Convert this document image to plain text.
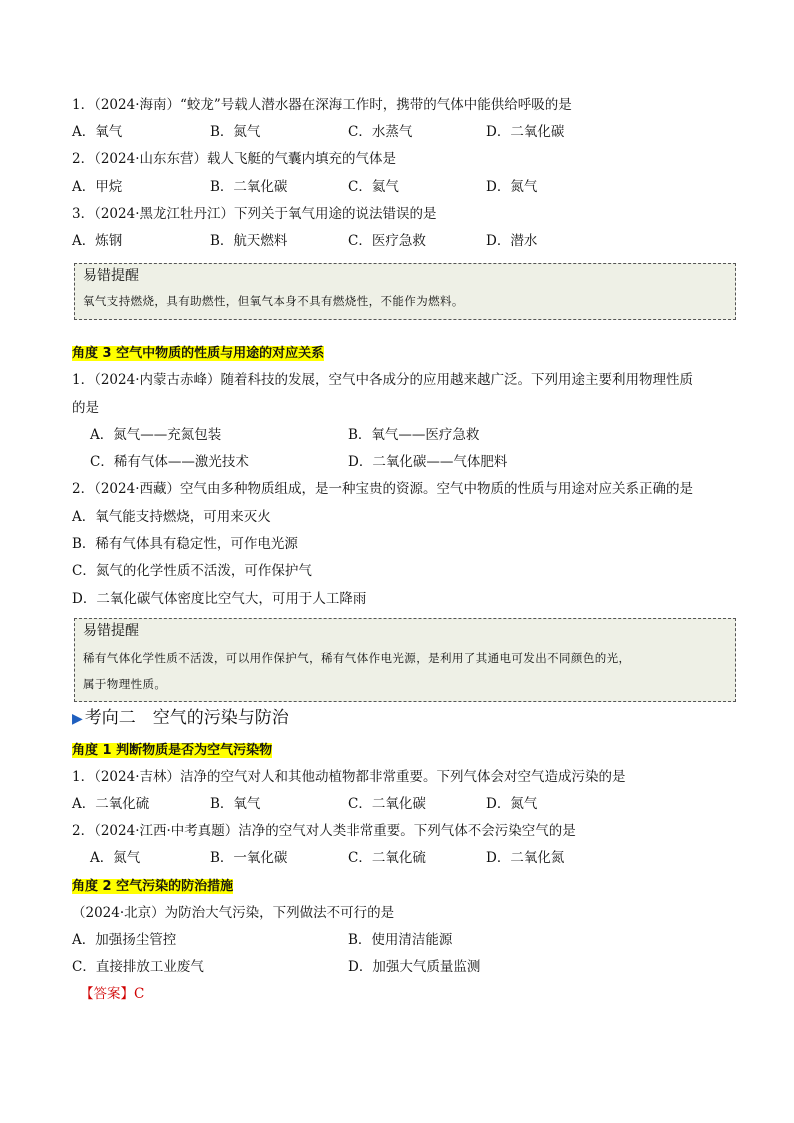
1．（2024·海南）“蛟龙”号载人潜水器在深海工作时，携带的气体中能供给呼吸的是
A．氧气	B．氮气	C．水蒸气	D．二氧化碳
2．（2024·山东东营）载人飞艇的气囊内填充的气体是
A．甲烷	B．二氧化碳	C．氦气	D．氮气
3．（2024·黑龙江牡丹江）下列关于氧气用途的说法错误的是
A．炼钢	B．航天燃料	C．医疗急救	D．潜水
易错提醒
氧气支持燃烧，具有助燃性，但氧气本身不具有燃烧性，不能作为燃料。
角度 3 空气中物质的性质与用途的对应关系
1．（2024·内蒙古赤峰）随着科技的发展，空气中各成分的应用越来越广泛。下列用途主要利用物理性质
的是
A．氮气——充氮包装	B．氧气——医疗急救
C．稀有气体——激光技术	D．二氧化碳——气体肥料
2．（2024·西藏）空气由多种物质组成，是一种宝贵的资源。空气中物质的性质与用途对应关系正确的是
A．氧气能支持燃烧，可用来灭火
B．稀有气体具有稳定性，可作电光源
C．氮气的化学性质不活泼，可作保护气
D．二氧化碳气体密度比空气大，可用于人工降雨
易错提醒
稀有气体化学性质不活泼，可以用作保护气，稀有气体作电光源，是利用了其通电可发出不同颜色的光，
属于物理性质。
▶ 考向二　空气的污染与防治
角度 1 判断物质是否为空气污染物
1．（2024·吉林）洁净的空气对人和其他动植物都非常重要。下列气体会对空气造成污染的是
A．二氧化硫	B．氧气	C．二氧化碳	D．氮气
2．（2024·江西·中考真题）洁净的空气对人类非常重要。下列气体不会污染空气的是
A．氮气	B．一氧化碳	C．二氧化硫	D．二氧化氮
角度 2 空气污染的防治措施
（2024·北京）为防治大气污染，下列做法不可行的是
A．加强扬尘管控	B．使用清洁能源
C．直接排放工业废气	D．加强大气质量监测
【答案】C
